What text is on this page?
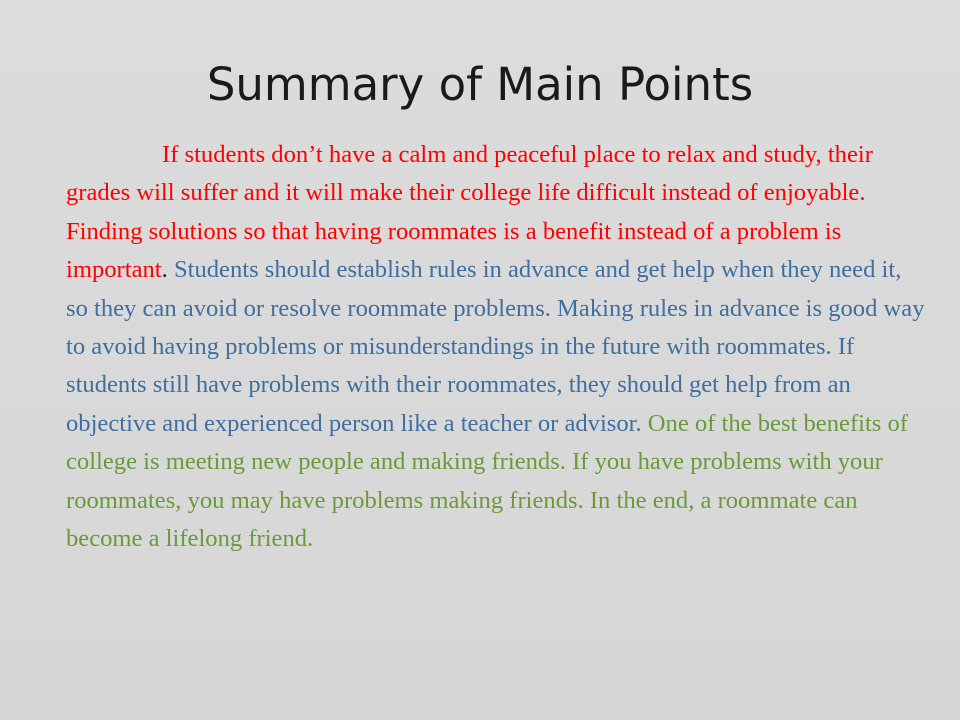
Summary of Main Points

If students don’t have a calm and peaceful place to relax and study, their grades will suffer and it will make their college life difficult instead of enjoyable. Finding solutions so that having roommates is a benefit instead of a problem is important. Students should establish rules in advance and get help when they need it, so they can avoid or resolve roommate problems. Making rules in advance is good way to avoid having problems or misunderstandings in the future with roommates. If students still have problems with their roommates, they should get help from an objective and experienced person like a teacher or advisor. One of the best benefits of college is meeting new people and making friends. If you have problems with your roommates, you may have problems making friends. In the end, a roommate can become a lifelong friend.
